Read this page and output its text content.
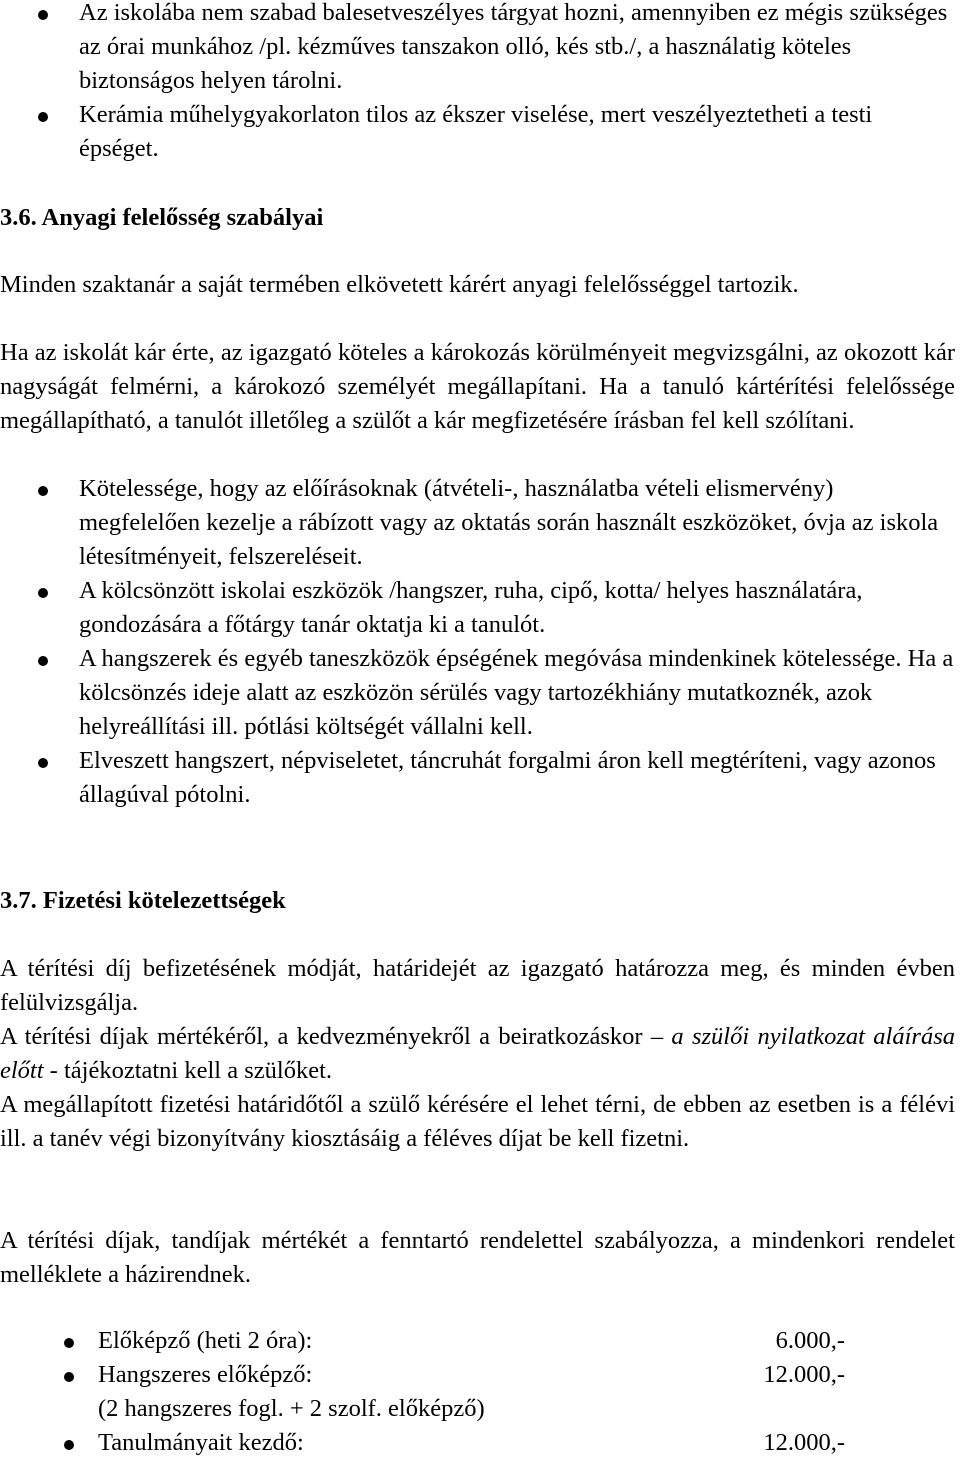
Az iskolába nem szabad balesetveszélyes tárgyat hozni, amennyiben ez mégis szükséges az órai munkához /pl. kézműves tanszakon olló, kés stb./, a használatig köteles biztonságos helyen tárolni.
Kerámia műhelygyakorlaton tilos az ékszer viselése, mert veszélyeztetheti a testi épséget.
3.6. Anyagi felelősség szabályai

Minden szaktanár a saját termében elkövetett kárért anyagi felelősséggel tartozik.

Ha az iskolát kár érte, az igazgató köteles a károkozás körülményeit megvizsgálni, az okozott kár nagyságát felmérni, a károkozó személyét megállapítani. Ha a tanuló kártérítési felelőssége megállapítható, a tanulót illetőleg a szülőt a kár megfizetésére írásban fel kell szólítani.

Kötelessége, hogy az előírásoknak (átvételi-, használatba vételi elismervény) megfelelően kezelje a rábízott vagy az oktatás során használt eszközöket, óvja az iskola létesítményeit, felszereléseit.
A kölcsönzött iskolai eszközök /hangszer, ruha, cipő, kotta/ helyes használatára, gondozására a főtárgy tanár oktatja ki a tanulót.
A hangszerek és egyéb taneszközök épségének megóvása mindenkinek kötelessége. Ha a kölcsönzés ideje alatt az eszközön sérülés vagy tartozékhiány mutatkoznék, azok helyreállítási ill. pótlási költségét vállalni kell.
Elveszett hangszert, népviseletet, táncruhát forgalmi áron kell megtéríteni, vagy azonos állagúval pótolni.
3.7. Fizetési kötelezettségek

A térítési díj befizetésének módját, határidejét az igazgató határozza meg, és minden évben felülvizsgálja.

A térítési díjak mértékéről, a kedvezményekről a beiratkozáskor – a szülői nyilatkozat aláírása előtt - tájékoztatni kell a szülőket.

A megállapított fizetési határidőtől a szülő kérésére el lehet térni, de ebben az esetben is a félévi ill. a tanév végi bizonyítvány kiosztásáig a féléves díjat be kell fizetni.

A térítési díjak, tandíjak mértékét a fenntartó rendelettel szabályozza, a mindenkori rendelet melléklete a házirendnek.

Előképző (heti 2 óra):	6.000,-
Hangszeres előképző:	12.000,-
(2 hangszeres fogl. + 2 szolf. előképző)
Tanulmányait kezdő:	12.000,-
